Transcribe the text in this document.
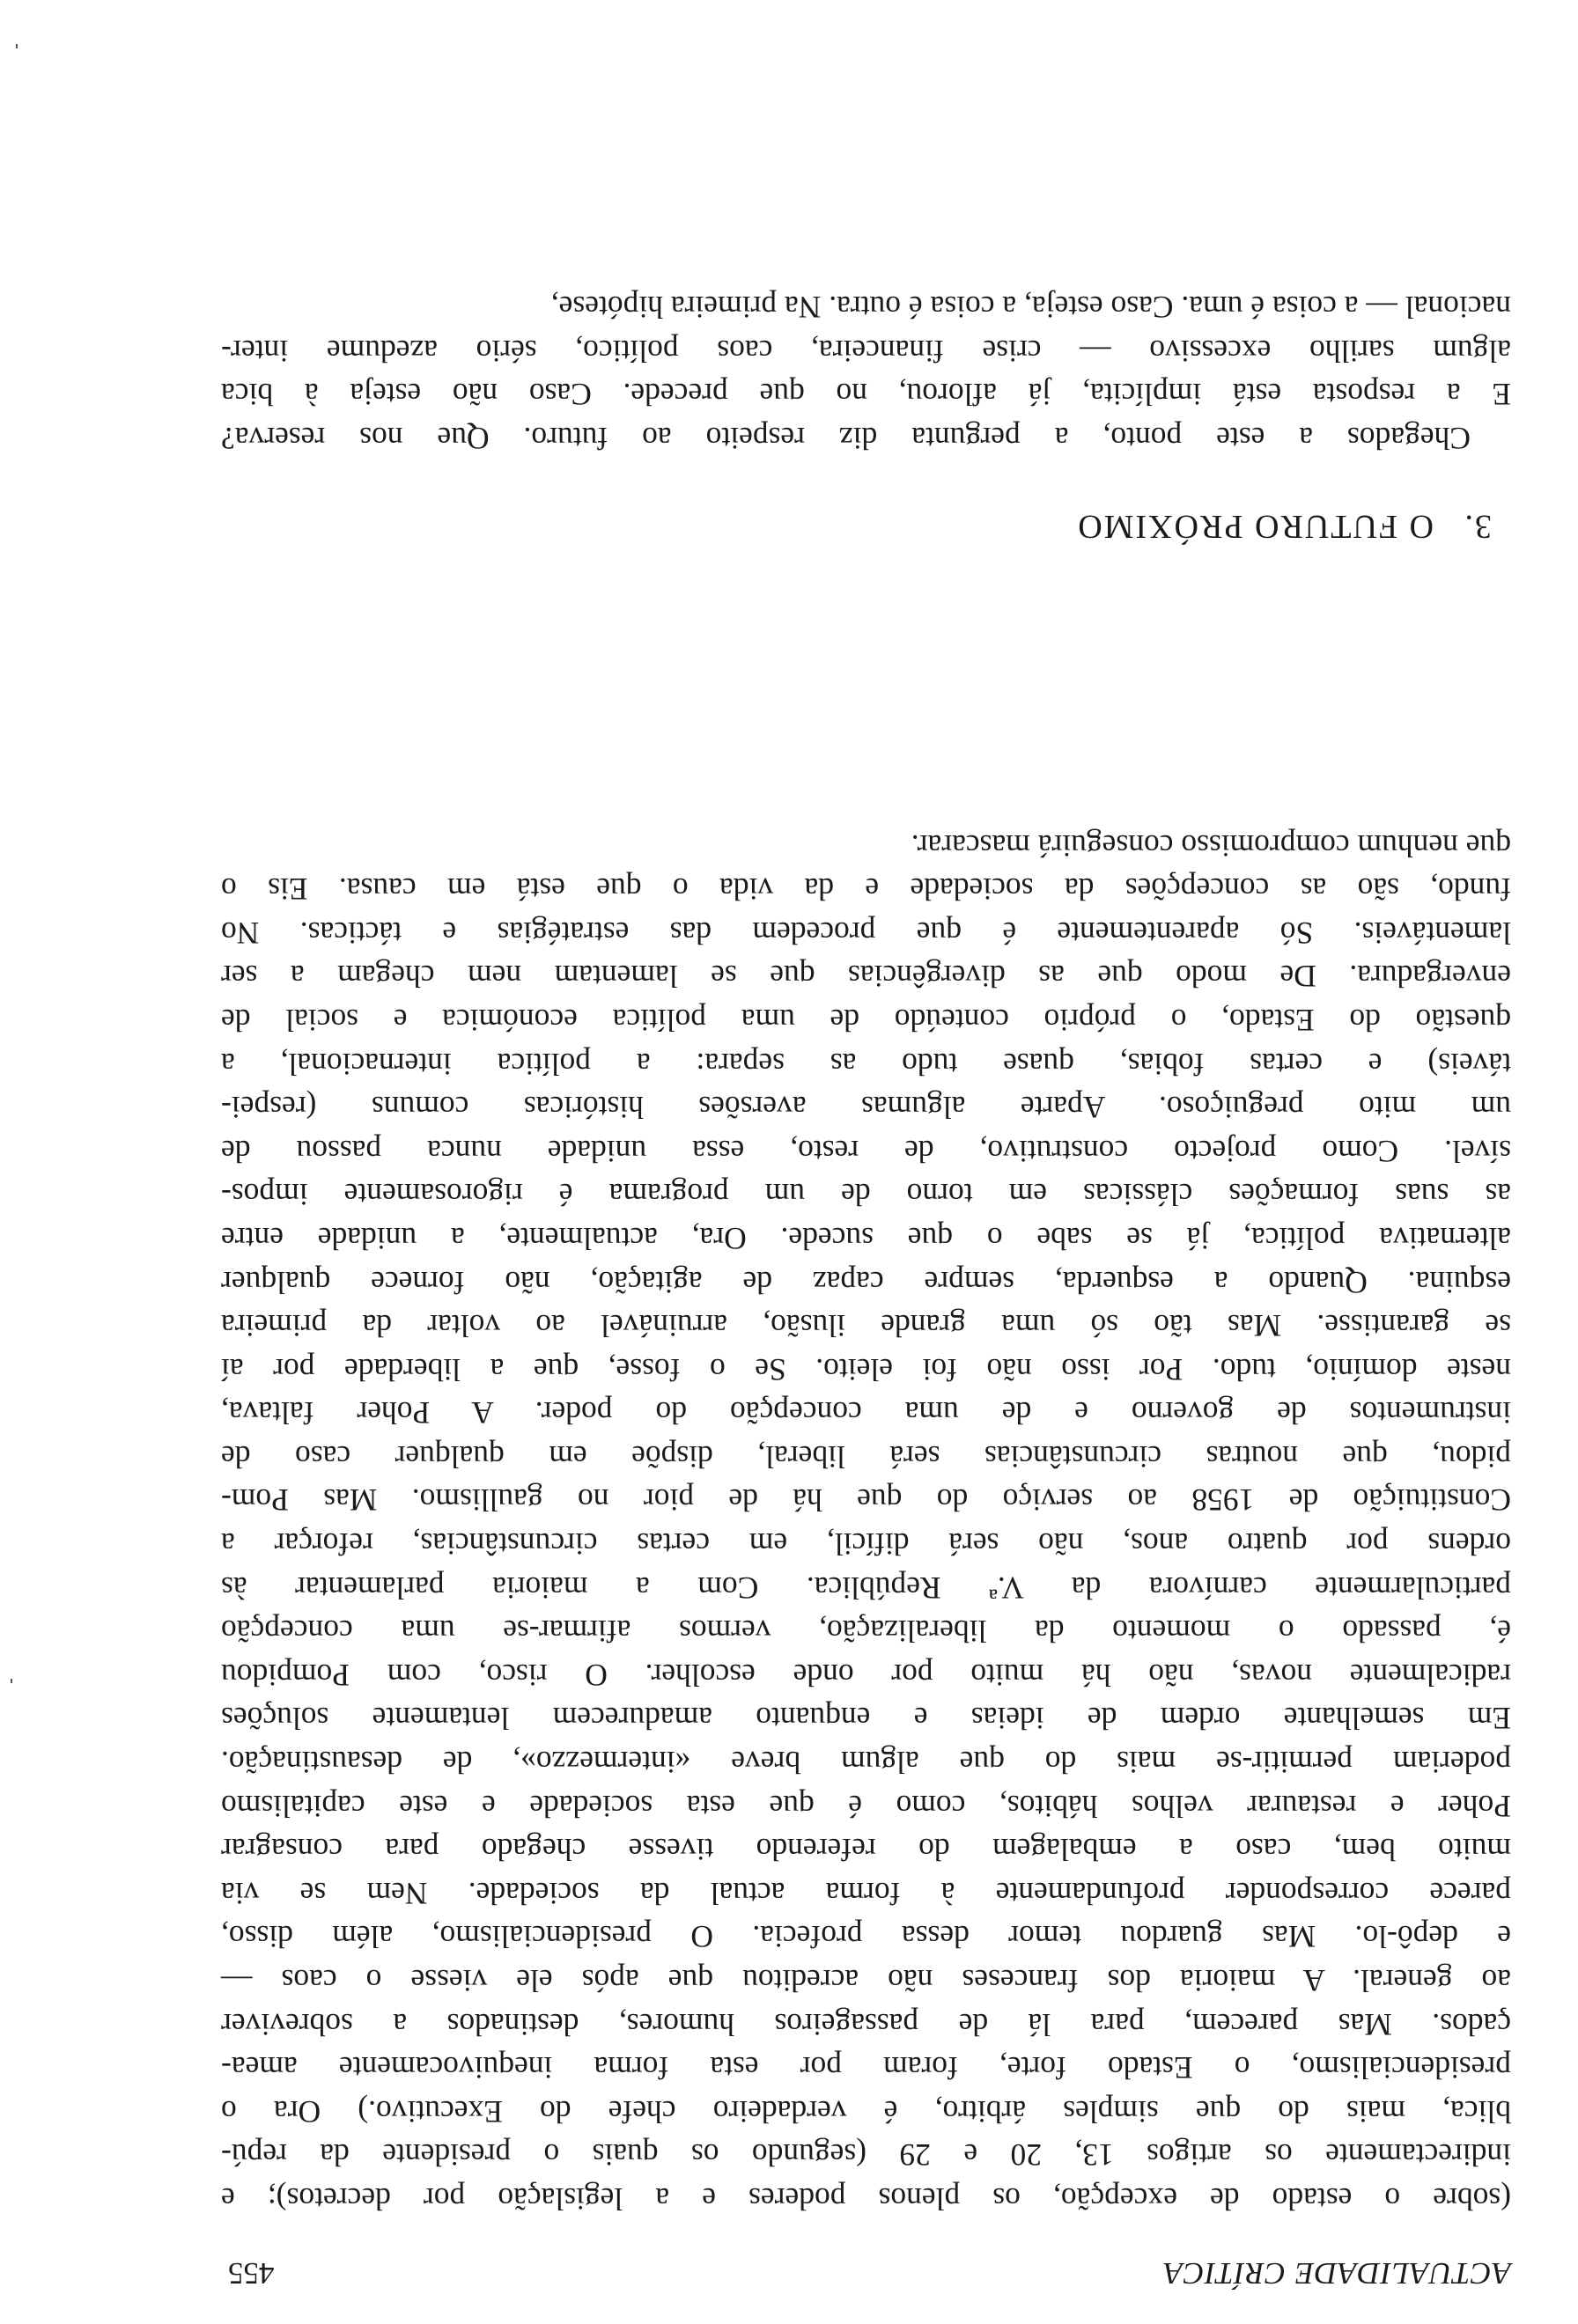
ACTUALIDADE CRÍTICA
455
(sobre o estado de excepção, os plenos poderes e a legislação por decretos); e
indirectamente os artigos 13, 20 e 29 (segundo os quais o presidente da repú-
blica, mais do que simples árbitro, é verdadeiro chefe do Executivo.) Ora o
presidencialismo, o Estado forte, foram por esta forma inequivocamente amea-
çados. Mas parecem, para lá de passageiros humores, destinados a sobreviver
ao general. A maioria dos franceses não acreditou que após ele viesse o caos —
e depô-lo. Mas guardou temor dessa profecia. O presidencialismo, além disso,
parece corresponder profundamente à forma actual da sociedade. Nem se via
muito bem, caso a embalagem do referendo tivesse chegado para consagrar
Poher e restaurar velhos hábitos, como é que esta sociedade e este capitalismo
poderiam permitir-se mais do que algum breve «intermezzo», de desaustinação.
Em semelhante ordem de ideias e enquanto amadurecem lentamente soluções
radicalmente novas, não há muito por onde escolher. O risco, com Pompidou
é, passado o momento da liberalização, vermos afirmar-se uma concepção
particularmente carnívora da V.ª República. Com a maioria parlamentar às
ordens por quatro anos, não será difícil, em certas circunstâncias, reforçar a
Constituição de 1958 ao serviço do que há de pior no gaullismo. Mas Pom-
pidou, que noutras circunstâncias será liberal, dispõe em qualquer caso de
instrumentos de governo e de uma concepção do poder. A Poher faltava,
neste domínio, tudo. Por isso não foi eleito. Se o fosse, que a liberdade por aí
se garantisse. Mas tão só uma grande ilusão, arruinável ao voltar da primeira
esquina. Quando a esquerda, sempre capaz de agitação, não fornece qualquer
alternativa política, já se sabe o que sucede. Ora, actualmente, a unidade entre
as suas formações clássicas em torno de um programa é rigorosamente impos-
sível. Como projecto construtivo, de resto, essa unidade nunca passou de
um mito preguiçoso. Aparte algumas aversões históricas comuns (respei-
táveis) e certas fobias, quase tudo as separa: a política internacional, a
questão do Estado, o próprio conteúdo de uma política económica e social de
envergadura. De modo que as divergências que se lamentam nem chegam a ser
lamentáveis. Só aparentemente é que procedem das estratégias e tácticas. No
fundo, são as concepções da sociedade e da vida o que está em causa. Eis o
que nenhum compromisso conseguirá mascarar.
3. O FUTURO PRÓXIMO
Chegados a este ponto, a pergunta diz respeito ao futuro. Que nos reserva?
E a resposta está implícita, já aflorou, no que precede. Caso não esteja à bica
algum sarilho excessivo — crise financeira, caos político, sério azedume inter-
nacional — a coisa é uma. Caso esteja, a coisa é outra. Na primeira hipótese,
